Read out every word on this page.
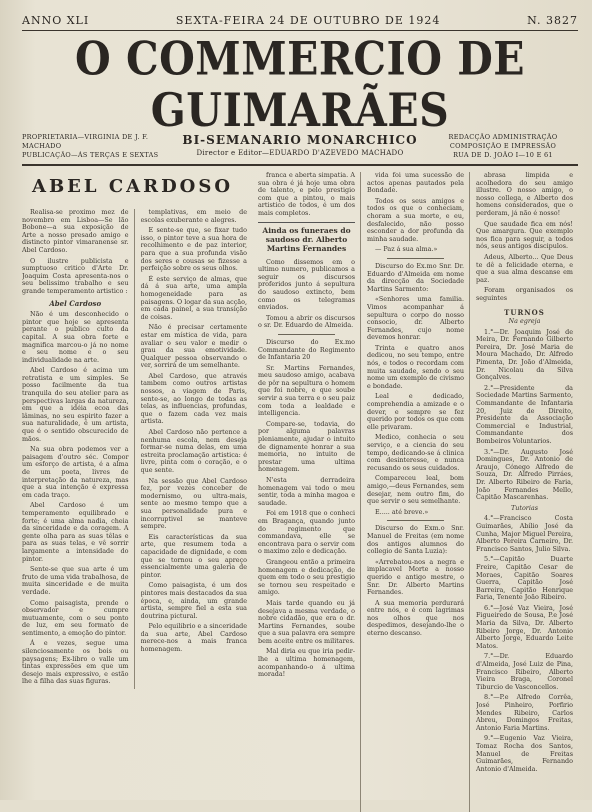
ANNO XLI	SEXTA-FEIRA 24 DE OUTUBRO DE 1924	N. 3827
O COMMERCIO DE GUIMARÃES
PROPRIETARIA—VIRGINIA DE J. F. MACHADO
PUBLICAÇÃO—ÁS TERÇAS E SEXTAS
BI-SEMANARIO MONARCHICO
Director e Editor—EDUARDO D'AZEVEDO MACHADO
REDACÇÃO ADMINISTRAÇÃO COMPOSIÇÃO E IMPRESSÃO
RUA DE D. JOÃO I—10 E 61
ABEL CARDOSO

Realisa-se proximo mez de novembro em Lisboa—Se lão Bobone—a sua exposição de Arte a nosso presado amigo e distincto pintor vimaranense sr. Abel Cardoso.

O ilustre publicista e sumptuoso critico d'Arte Dr. Joaquim Costa apresenta-nos o seu belissimo trabalho e seu grande temperamento artistico :

Abel Cardoso

Não é um desconhecido o pintor que hoje se apresenta perante o publico culto da capital. A sua obra forte e magnifica marcou-o já no nome e seu nome e o seu individualidade na arte.

Abel Cardoso é acima um retratista e um simples. Se posso facilmente da tua tranquila do seu atelier para as perspectivas largas da natureza, em que a idéia ecoa das lâminas, no seu espirito fazer a sua naturalidade, é um artista, que é o sentido obscurecido de mãos.

Na sua obra podemos ver a paisagem d'outro séc. Compor um esforço de artista, é a alma de um poeta, livres de interpretação da natureza, mas que a sua intenção é expressa em cada traço.

Abel Cardoso é um temperamento equilibrado e forte; é uma alma nadia, cheia da sinceridade e da coragem. A gente olha para as suas têlas e para as suas telas, e vê sorrir largamente a intensidade do pintor.

Sente-se que sua arte é um fruto de uma vida trabalhosa, de muita sinceridade e de muita verdade.

Como paisagista, prende o observador e cumpre mutuamente, com o seu ponto de luz, em seu formato de sentimento, a emoção do pintor.

Á e vezes, segue uma silenciosamente os bois ou paysagens; Ex-libro o valle um tintas expressões em que um desejo mais expressivo, e estão lhe a filha das suas figuras.

templativas, em meio de escolas exuberante e alegres.

E sente-se que, se fixar tudo isso, o pintor teve a sua hora de recolhimento e de paz interior, para que a sua profunda visão dos seres e cousas se fizesse a perfeição sobre os seus olhos.

É este serviço de almas, que dá á sua arte, uma ampla homogeneidade para as paisagens. O logar da sua acção, em cada painel, a sua transição de coisas.

Não é precisar certamente estar em mística de vida, para avaliar o seu valor e medir o grau da sua emotividade. Qualquer pessoa observando o ver, sorrirá de um semelhante.

Abel Cardoso, que através tambem como outros artistas nossos, a viagem de Paris, sente-se, ao longo de todas as telas, as influencias, profundas, que o fazem cada vez mais artista.

Abel Cardoso não pertence a nenhuma escola, nem deseja formar-se numa delas, em uma estreita proclamação artistica: é livre, pinta com o coração, e o que sente.

Na sessão que Abel Cardoso fez, por vezes conceber de modernismo, ou ultra-mais, sente ao mesmo tempo que a sua personalidade pura e incorruptivel se manteve sempre.

Eis características da sua arte, que resumem toda a capacidade de dignidade, e com que se tornou o seu apreço essencialmente uma galeria de pintor.

Como paisagista, é um dos pintores mais destacados da sua época, e, ainda, um grande artista, sempre fiel a esta sua doutrina pictural.

Pelo equilibrio e a sinceridade da sua arte, Abel Cardoso merece-nos a mais franca homenagem.

franca e aberta simpatia. A sua obra é já hoje uma obra de talento, e pelo prestigio com que a pintou, o mais artistico de todos, é um dos mais completos.

Ainda os funeraes do saudoso dr. Alberto Martins Fernandes

Como dissemos em o ultimo numero, publicamos a seguir os discursos proferidos junto á sepultura do saudoso extincto, bem como os telegramas enviados.

Tomou a abrir os discursos o sr. Dr. Eduardo de Almeida.

Discurso do Ex.mo Commandante do Regimento de Infantaria 20

Sr. Martins Fernandes, meu saudoso amigo, acabava de pôr na sepultura o homem que foi nobre, e que soube servir a sua terra e o seu paiz com toda a lealdade e intelligencia.

Compare-se, todavia, do por alguma palavras pleniamente, ajudar o intuito de dignamente honrar a sua memoria, no intuito de prestar uma ultima homenagem.

N'esta derradeira homenagem vai todo o meu sentir, toda a minha magoa e saudade.

Foi em 1918 que o conheci em Bragança, quando junto do regimento que commandava, elle se encontrava para o servir com o maximo zelo e dedicação.

Grangeou então a primeira homenagem e dedicação, de quem em todo o seu prestigio se tornou seu respeitado e amigo.

Mais tarde quando eu já desejava a mesma verdade, o nobre cidadão, que era o dr. Martins Fernandes, soube que a sua palavra era sempre bem aceite entre os militares.

Mal diria eu que iria pedir-lhe a ultima homenagem, acompanhando-o á ultima morada!

vida foi uma sucessão de actos apenas pautados pela Bondade.

Todos os seus amigos e todos os que o conheciam, choram a sua morte, e eu, desfalecido, não posso esconder a dor profunda da minha saudade.

— Paz á sua alma.»

Discurso do Ex.mo Snr. Dr. Eduardo d'Almeida em nome da direcção da Sociedade Martins Sarmento:

«Senhores uma familia. Vimos acompanhar á sepultura o corpo do nosso consocio, dr. Alberto Fernandes, cujo nome devemos honrar.

Trinta e quatro anos dedicou, no seu tempo, entre nós, e todos o recordam com muita saudade, sendo o seu nome um exemplo de civismo e bondade.

Leal e dedicado, comprehendia a amizade e o dever, e sempre se fez querido por todos os que com elle privaram.

Medico, conhecia o seu serviço, e a ciencia do seu tempo, dedicando-se á clinica com desinteresse, e nunca recusando os seus cuidados.

Compareceu leal, bom amigo,—deus Fernandes, sem desejar, nem outro fim, do que servir o seu semelhante.

E..... até breve.»

Discurso do Exm.o Snr. Manuel de Freitas (em nome dos antigos alumnos do collegio de Santa Luzia):

«Arrebatou-nos a negra e implacavel Morte a nosso querido e antigo mestre, o Snr. Dr. Alberto Martins Fernandes.

A sua memoria perdurará entre nós, e é com lagrimas nos olhos que nos despedimos, desejando-lhe o eterno descanso.

abrasa limpida e acolhedora do seu amigo illustre. O nosso amigo, o nosso collega, e Alberto dos homens considerados, que o perderam, já não é nosso!

Que saudade fica em nós! Que amargura. Que exemplo nos fica para seguir, a todos nós, seus antigos discipulos.

Adeus, Alberto... Que Deus te dê a felicidade eterna, e que a sua alma descanse em paz.

Foram organisados os seguintes

TURNOS
Na egreja

1.°—Dr. Joaquim José de Meira, Dr. Fernando Gilberto Pereira, Dr. José Maria de Moura Machado, Dr. Alfredo Pimenta, Dr. João d'Almeida, Dr. Nicolau da Silva Gonçalves.

2.°—Presidente da Sociedade Martins Sarmento, Commandante de Infantaria 20, Juiz de Direito, Presidente da Associação Commercial e Industrial, Commandante dos Bombeiros Voluntarios.

3.°—Dr. Augusto José Domingues, Dr. Antonio de Araujo, Cónego Alfredo de Souza, Dr. Alfredo Pirráes, Dr. Alberto Ribeiro de Faria, João Fernandes Mello, Capitão Mascarenhas.

Tutorias

4.°—Francisco Costa Guimarães, Abílio José da Cunha, Major Miguel Pereira, Alberto Pereira Carneiro, Dr. Francisco Santos, Julio Silva.

5.°—Capitão Duarte Freire, Capitão Cesar de Moraes, Capitão Soares Guerra, Capitão José Barreira, Capitão Henrique Faria, Tenente João Ribeiro.

6.°—José Vaz Vieira, José Figueiredo de Sousa, P.e José Maria da Silva, Dr. Alberto Ribeiro Jorge, Dr. Antonio Alberto Jorge, Eduardo Leite Matos.

7.°—Dr. Eduardo d'Almeida, José Luiz de Pina, Francisco Ribeiro, Alberto Vieira Braga, Coronel Tiburcio de Vasconcellos.

8.°—P.e Alfredo Corrêa, José Pinheiro, Porfirio Mendes Ribeiro, Carlos Abreu, Domingos Freitas, Antonio Faria Martins.

9.°—Eugenio Vaz Vieira, Tomaz Rocha dos Santos, Manuel de Freitas Guimarães, Fernando Antonio d'Almeida.
